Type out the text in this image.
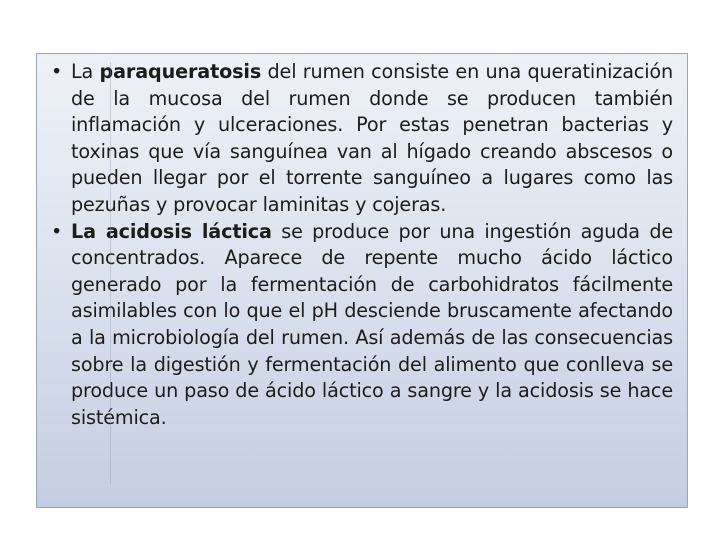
• La paraqueratosis del rumen consiste en una queratinización de la mucosa del rumen donde se producen también inflamación y ulceraciones. Por estas penetran bacterias y toxinas que vía sanguínea van al hígado creando abscesos o pueden llegar por el torrente sanguíneo a lugares como las pezuñas y provocar laminitas y cojeras.
• La acidosis láctica se produce por una ingestión aguda de concentrados. Aparece de repente mucho ácido láctico generado por la fermentación de carbohidratos fácilmente asimilables con lo que el pH desciende bruscamente afectando a la microbiología del rumen. Así además de las consecuencias sobre la digestión y fermentación del alimento que conlleva se produce un paso de ácido láctico a sangre y la acidosis se hace sistémica.
